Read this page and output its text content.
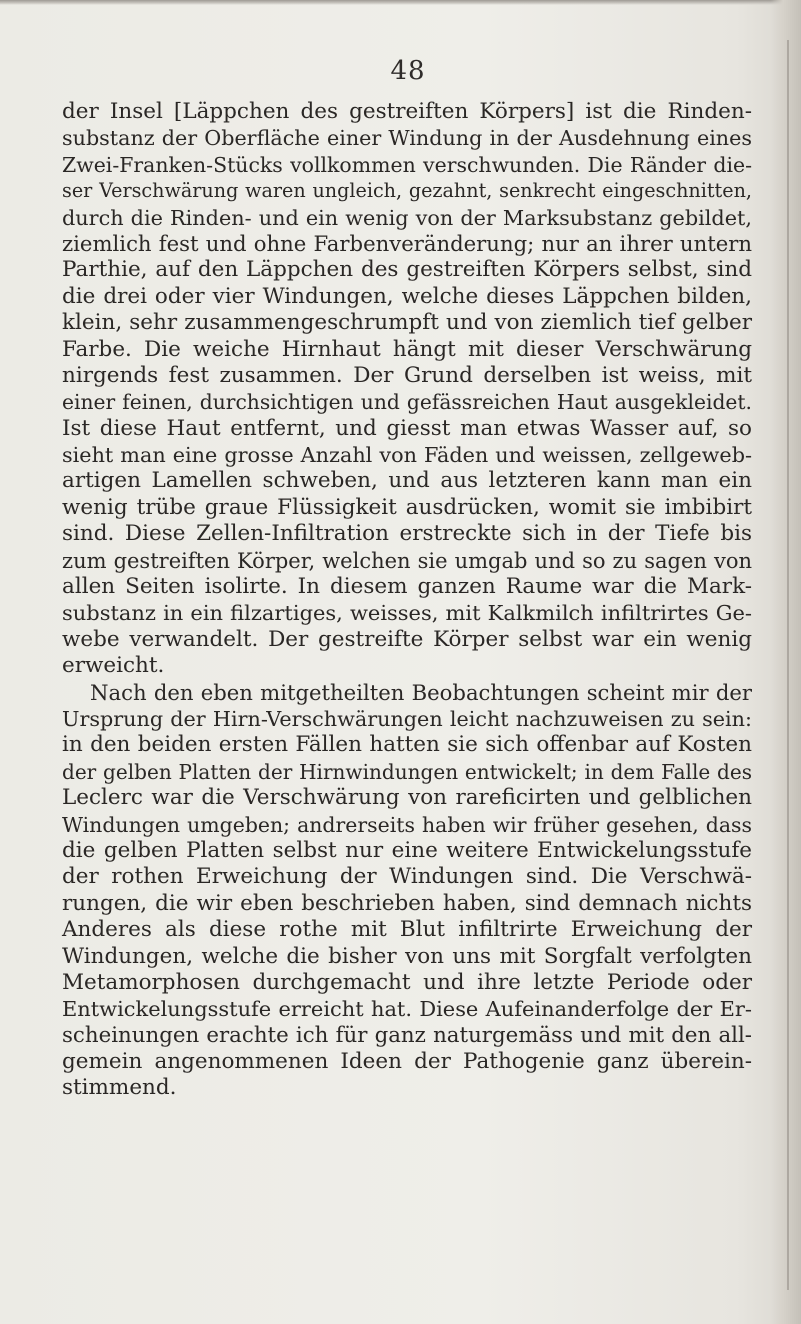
48

der Insel [Läppchen des gestreiften Körpers] ist die Rinden-
substanz der Oberfläche einer Windung in der Ausdehnung eines
Zwei-Franken-Stücks vollkommen verschwunden. Die Ränder die-
ser Verschwärung waren ungleich, gezahnt, senkrecht eingeschnitten,
durch die Rinden- und ein wenig von der Marksubstanz gebildet,
ziemlich fest und ohne Farbenveränderung; nur an ihrer untern
Parthie, auf den Läppchen des gestreiften Körpers selbst, sind
die drei oder vier Windungen, welche dieses Läppchen bilden,
klein, sehr zusammengeschrumpft und von ziemlich tief gelber
Farbe. Die weiche Hirnhaut hängt mit dieser Verschwärung
nirgends fest zusammen. Der Grund derselben ist weiss, mit
einer feinen, durchsichtigen und gefässreichen Haut ausgekleidet.
Ist diese Haut entfernt, und giesst man etwas Wasser auf, so
sieht man eine grosse Anzahl von Fäden und weissen, zellgeweb-
artigen Lamellen schweben, und aus letzteren kann man ein
wenig trübe graue Flüssigkeit ausdrücken, womit sie imbibirt
sind. Diese Zellen-Infiltration erstreckte sich in der Tiefe bis
zum gestreiften Körper, welchen sie umgab und so zu sagen von
allen Seiten isolirte. In diesem ganzen Raume war die Mark-
substanz in ein filzartiges, weisses, mit Kalkmilch infiltrirtes Ge-
webe verwandelt. Der gestreifte Körper selbst war ein wenig
erweicht.
Nach den eben mitgetheilten Beobachtungen scheint mir der
Ursprung der Hirn-Verschwärungen leicht nachzuweisen zu sein:
in den beiden ersten Fällen hatten sie sich offenbar auf Kosten
der gelben Platten der Hirnwindungen entwickelt; in dem Falle des
Leclerc war die Verschwärung von rareficirten und gelblichen
Windungen umgeben; andrerseits haben wir früher gesehen, dass
die gelben Platten selbst nur eine weitere Entwickelungsstufe
der rothen Erweichung der Windungen sind. Die Verschwä-
rungen, die wir eben beschrieben haben, sind demnach nichts
Anderes als diese rothe mit Blut infiltrirte Erweichung der
Windungen, welche die bisher von uns mit Sorgfalt verfolgten
Metamorphosen durchgemacht und ihre letzte Periode oder
Entwickelungsstufe erreicht hat. Diese Aufeinanderfolge der Er-
scheinungen erachte ich für ganz naturgemäss und mit den all-
gemein angenommenen Ideen der Pathogenie ganz überein-
stimmend.
